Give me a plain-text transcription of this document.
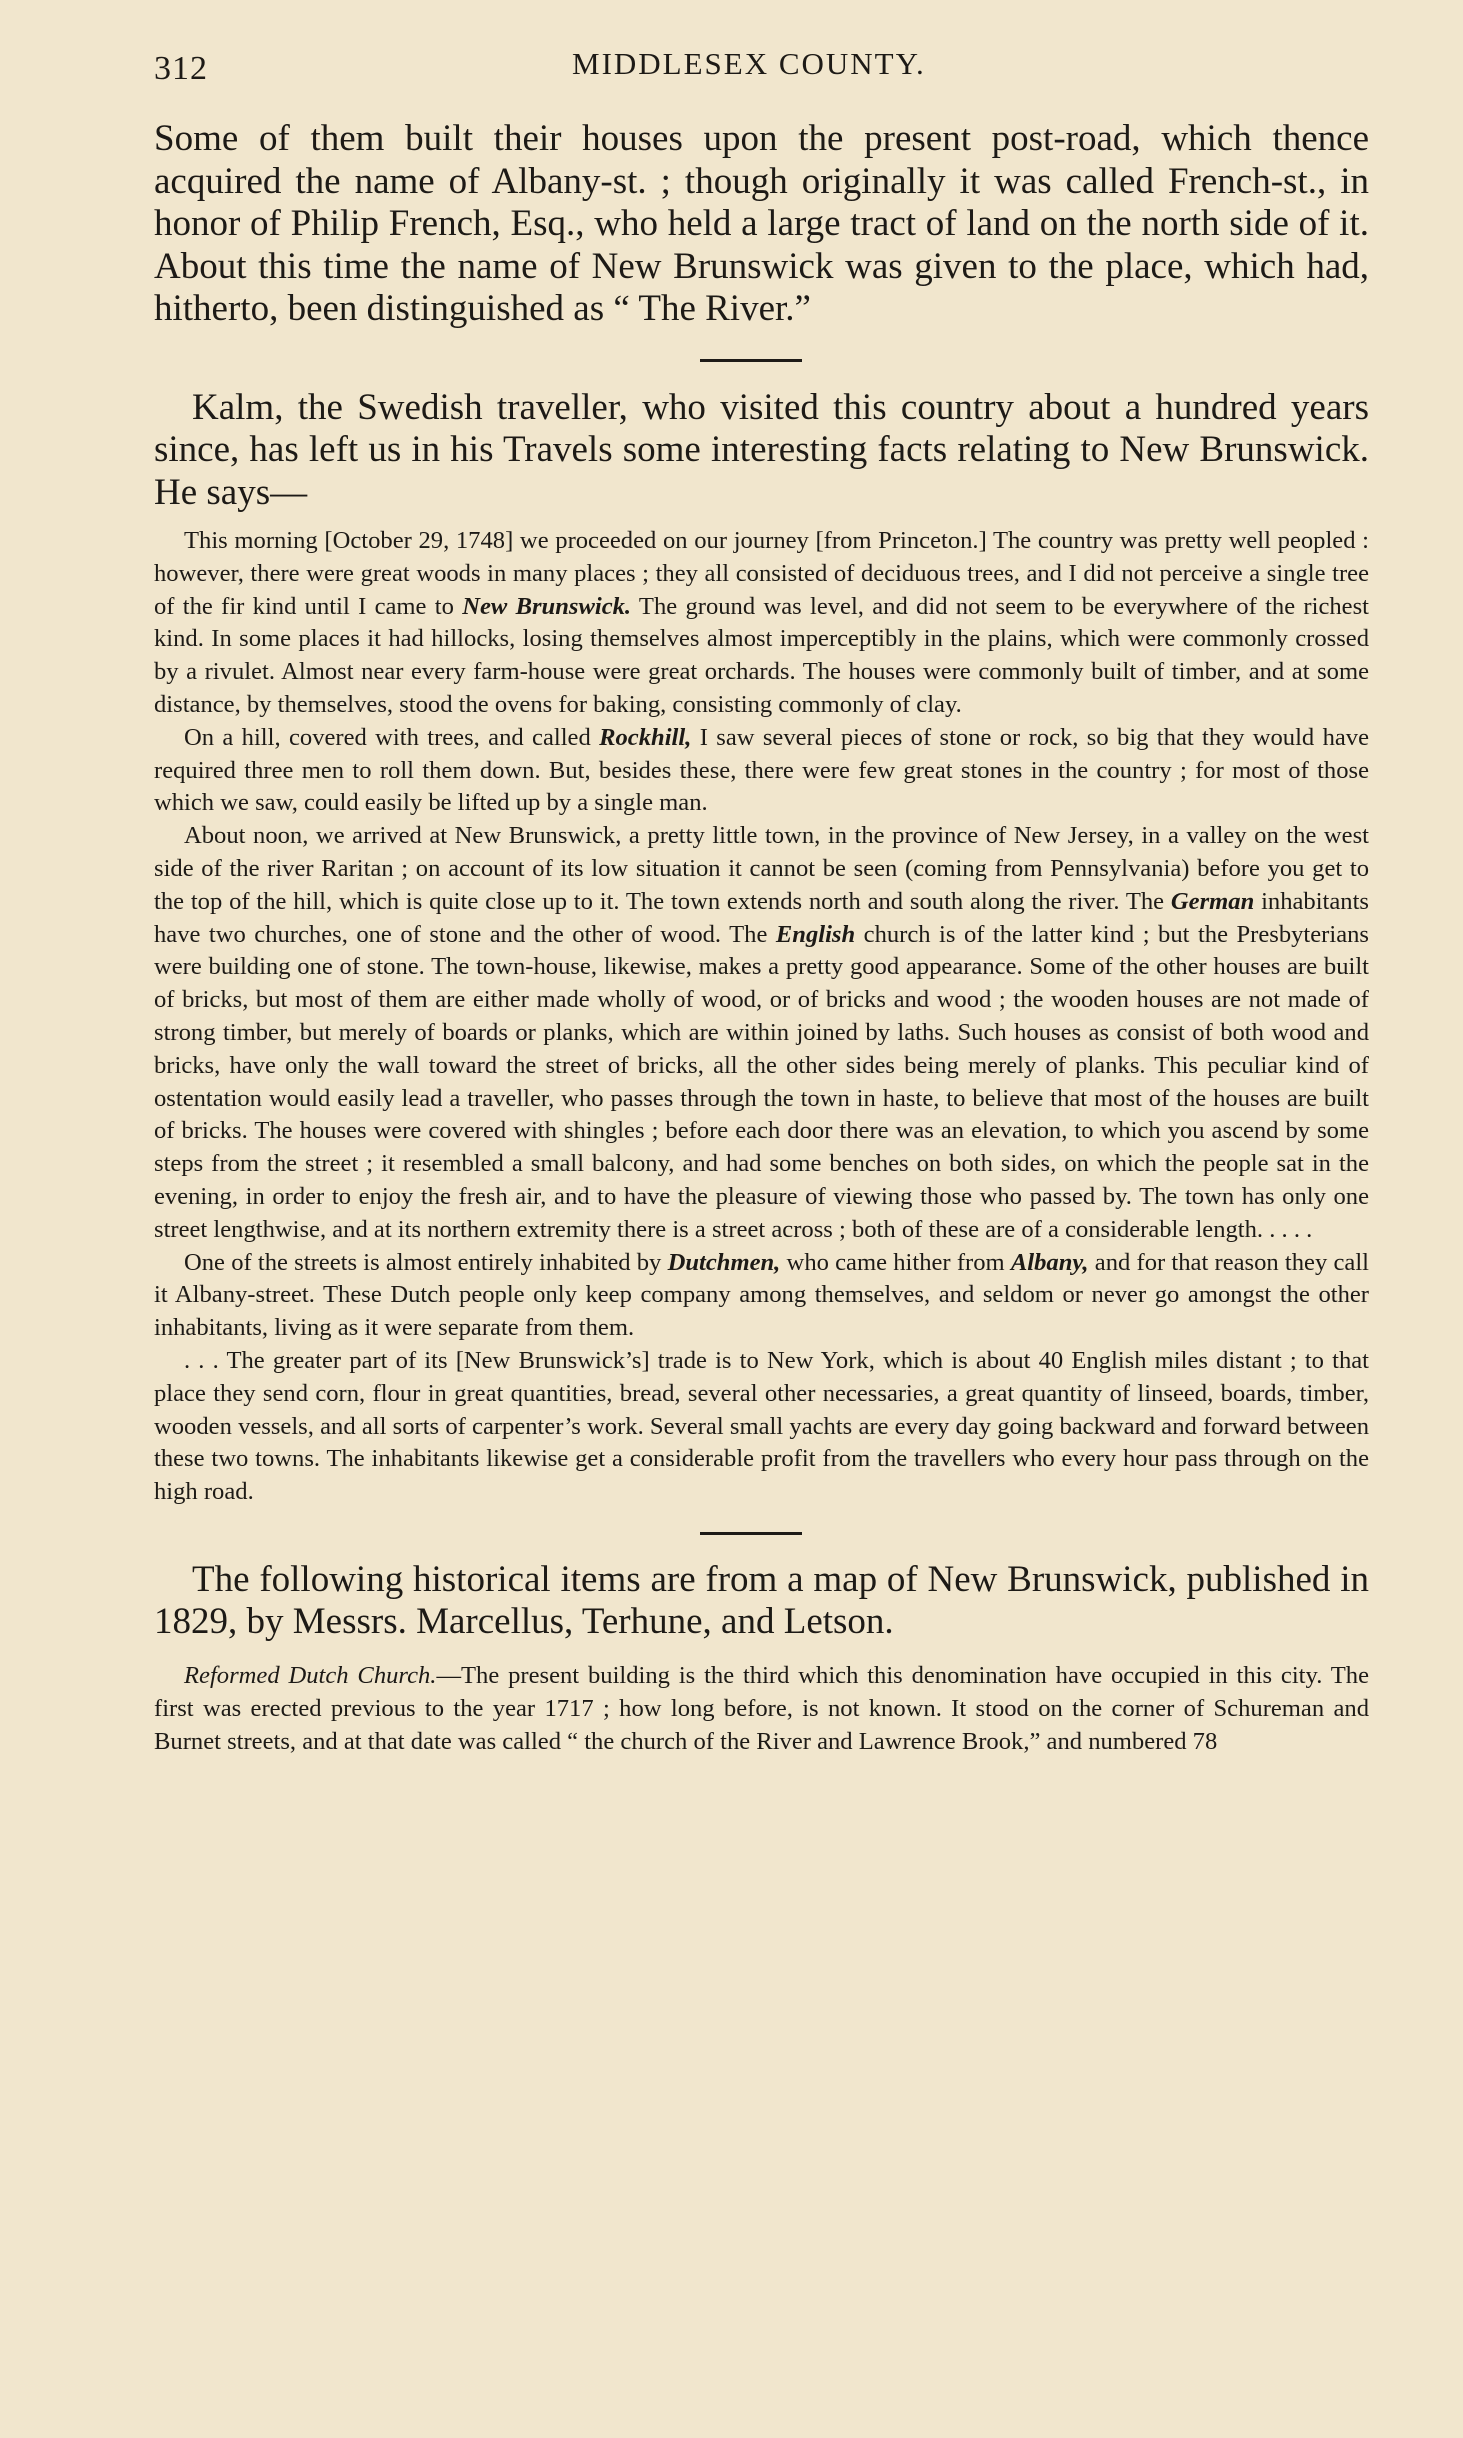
312	MIDDLESEX COUNTY.

Some of them built their houses upon the present post-road, which thence acquired the name of Albany-st. ; though originally it was called French-st., in honor of Philip French, Esq., who held a large tract of land on the north side of it. About this time the name of New Brunswick was given to the place, which had, hitherto, been distinguished as “ The River.”

Kalm, the Swedish traveller, who visited this country about a hundred years since, has left us in his Travels some interesting facts relating to New Brunswick. He says—

This morning [October 29, 1748] we proceeded on our journey [from Princeton.] The country was pretty well peopled : however, there were great woods in many places ; they all consisted of deciduous trees, and I did not perceive a single tree of the fir kind until I came to New Brunswick. The ground was level, and did not seem to be everywhere of the richest kind. In some places it had hillocks, losing themselves almost imperceptibly in the plains, which were commonly crossed by a rivulet. Almost near every farm-house were great orchards. The houses were commonly built of timber, and at some distance, by themselves, stood the ovens for baking, consisting commonly of clay.

On a hill, covered with trees, and called Rockhill, I saw several pieces of stone or rock, so big that they would have required three men to roll them down. But, besides these, there were few great stones in the country ; for most of those which we saw, could easily be lifted up by a single man.

About noon, we arrived at New Brunswick, a pretty little town, in the province of New Jersey, in a valley on the west side of the river Raritan ; on account of its low situation it cannot be seen (coming from Pennsylvania) before you get to the top of the hill, which is quite close up to it. The town extends north and south along the river. The German inhabitants have two churches, one of stone and the other of wood. The English church is of the latter kind ; but the Presbyterians were building one of stone. The town-house, likewise, makes a pretty good appearance. Some of the other houses are built of bricks, but most of them are either made wholly of wood, or of bricks and wood ; the wooden houses are not made of strong timber, but merely of boards or planks, which are within joined by laths. Such houses as consist of both wood and bricks, have only the wall toward the street of bricks, all the other sides being merely of planks. This peculiar kind of ostentation would easily lead a traveller, who passes through the town in haste, to believe that most of the houses are built of bricks. The houses were covered with shingles ; before each door there was an elevation, to which you ascend by some steps from the street ; it resembled a small balcony, and had some benches on both sides, on which the people sat in the evening, in order to enjoy the fresh air, and to have the pleasure of viewing those who passed by. The town has only one street lengthwise, and at its northern extremity there is a street across ; both of these are of a considerable length. . . . .

One of the streets is almost entirely inhabited by Dutchmen, who came hither from Albany, and for that reason they call it Albany-street. These Dutch people only keep company among themselves, and seldom or never go amongst the other inhabitants, living as it were separate from them.

. . . The greater part of its [New Brunswick’s] trade is to New York, which is about 40 English miles distant ; to that place they send corn, flour in great quantities, bread, several other necessaries, a great quantity of linseed, boards, timber, wooden vessels, and all sorts of carpenter’s work. Several small yachts are every day going backward and forward between these two towns. The inhabitants likewise get a considerable profit from the travellers who every hour pass through on the high road.

The following historical items are from a map of New Brunswick, published in 1829, by Messrs. Marcellus, Terhune, and Letson.

Reformed Dutch Church.—The present building is the third which this denomination have occupied in this city. The first was erected previous to the year 1717 ; how long before, is not known. It stood on the corner of Schureman and Burnet streets, and at that date was called “ the church of the River and Lawrence Brook,” and numbered 78
